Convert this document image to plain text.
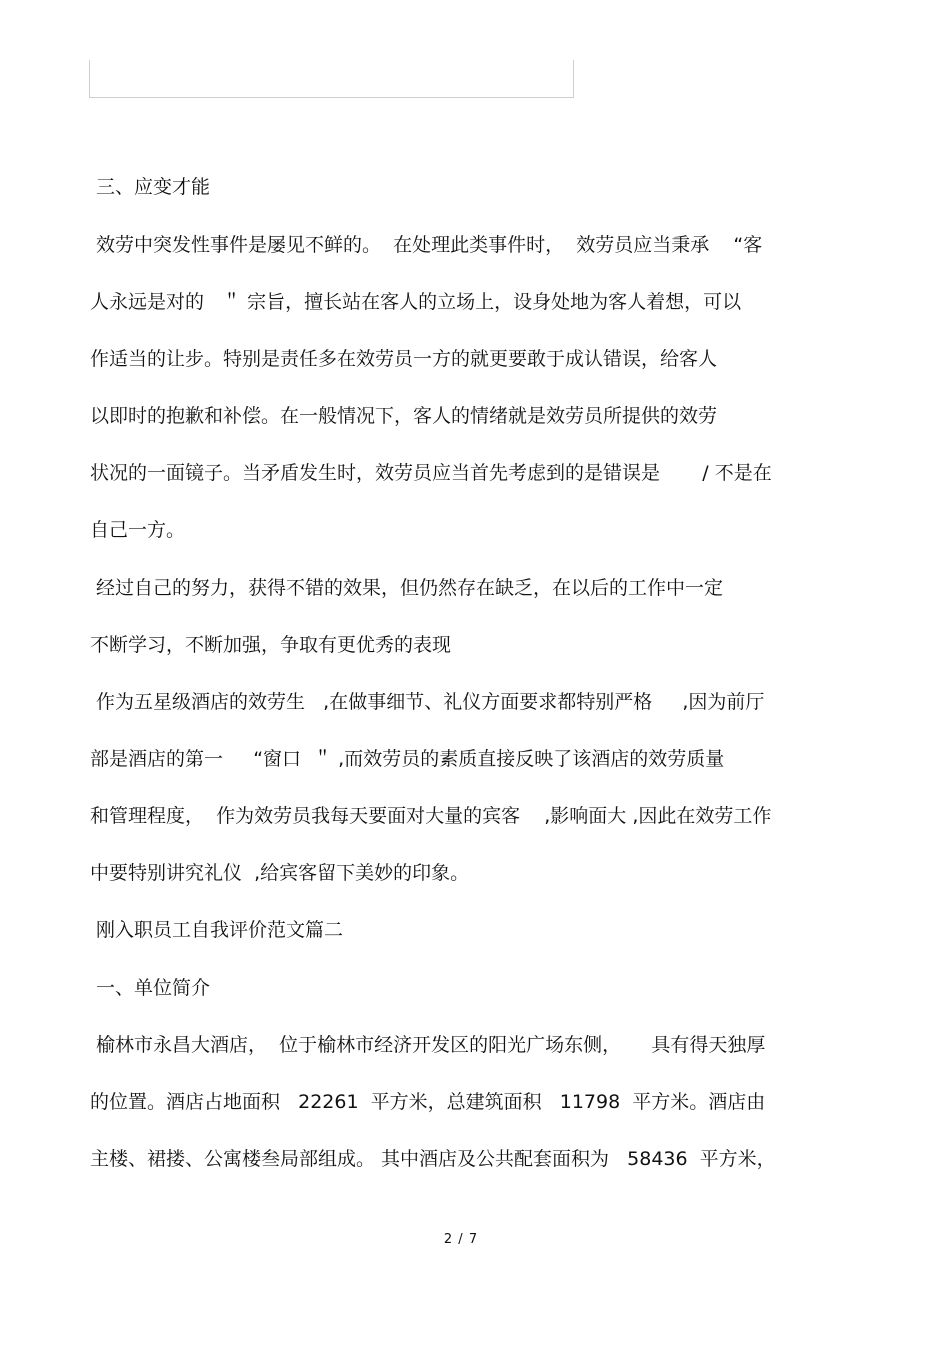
三、应变才能
效劳中突发性事件是屡见不鲜的。  在处理此类事件时，  效劳员应当秉承    “客
人永远是对的   ＂ 宗旨，擅长站在客人的立场上，设身处地为客人着想，可以
作适当的让步。特别是责任多在效劳员一方的就更要敢于成认错误，给客人
以即时的抱歉和补偿。在一般情况下，客人的情绪就是效劳员所提供的效劳
状况的一面镜子。当矛盾发生时，效劳员应当首先考虑到的是错误是       / 不是在
自己一方。
经过自己的努力，获得不错的效果，但仍然存在缺乏，在以后的工作中一定
不断学习，不断加强，争取有更优秀的表现
作为五星级酒店的效劳生   ,在做事细节、礼仪方面要求都特别严格     ,因为前厅
部是酒店的第一     “窗口  ＂ ,而效劳员的素质直接反映了该酒店的效劳质量
和管理程度，  作为效劳员我每天要面对大量的宾客    ,影响面大 ,因此在效劳工作
中要特别讲究礼仪  ,给宾客留下美妙的印象。
刚入职员工自我评价范文篇二
一、单位简介
榆林市永昌大酒店，  位于榆林市经济开发区的阳光广场东侧，     具有得天独厚
的位置。酒店占地面积   22261  平方米，总建筑面积   11798  平方米。酒店由
主楼、裙搂、公寓楼叁局部组成。 其中酒店及公共配套面积为   58436  平方米，
2 / 7
